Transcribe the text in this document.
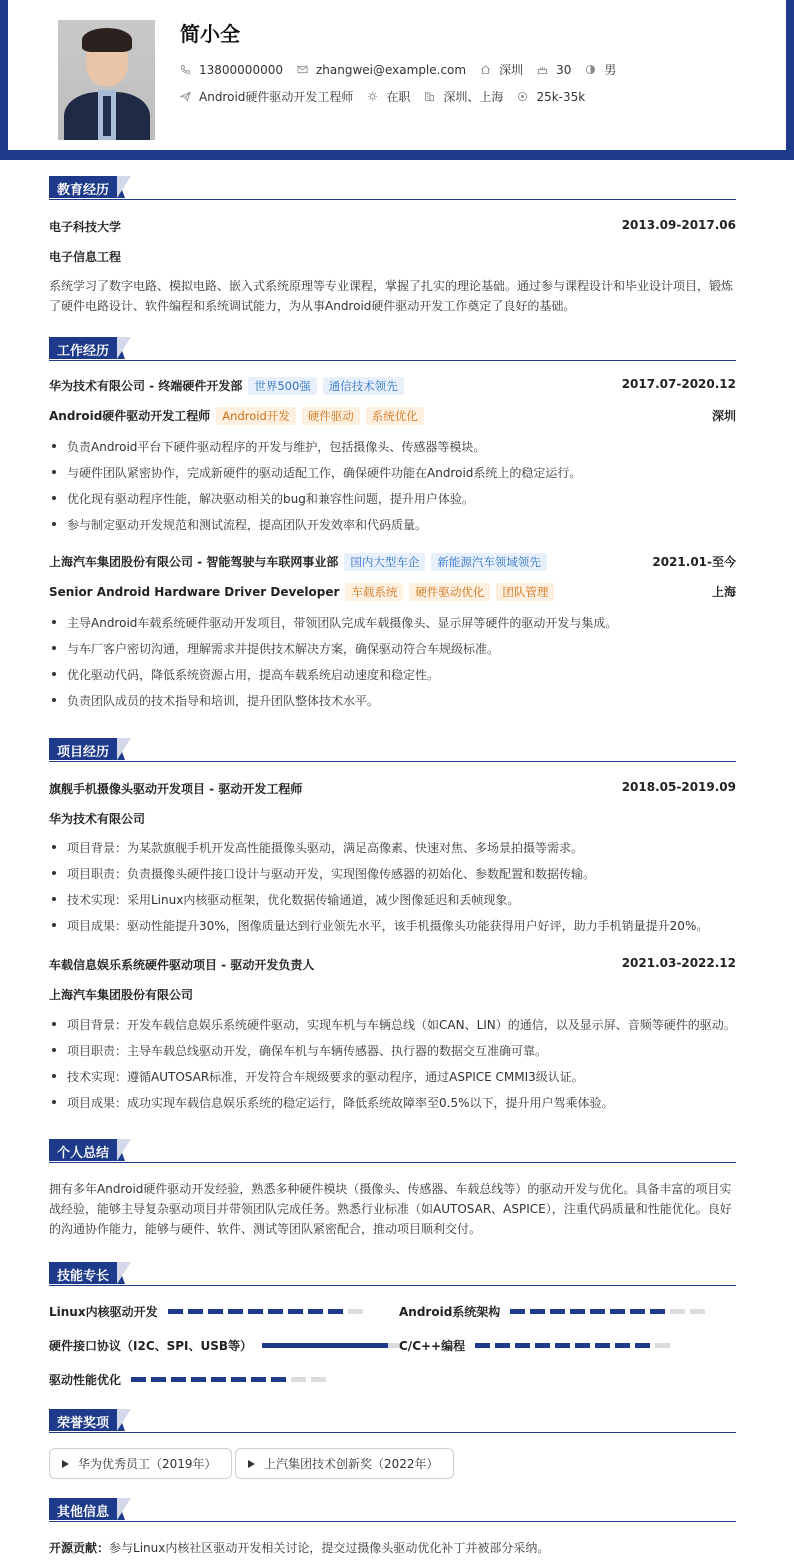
简小全
13800000000	zhangwei@example.com	深圳	30	男
Android硬件驱动开发工程师	在职	深圳、上海	25k-35k
教育经历
电子科技大学	2013.09-2017.06
电子信息工程
系统学习了数字电路、模拟电路、嵌入式系统原理等专业课程，掌握了扎实的理论基础。通过参与课程设计和毕业设计项目，锻炼
了硬件电路设计、软件编程和系统调试能力，为从事Android硬件驱动开发工作奠定了良好的基础。
工作经历
华为技术有限公司 - 终端硬件开发部 世界500强 通信技术领先	2017.07-2020.12
Android硬件驱动开发工程师 Android开发 硬件驱动 系统优化	深圳
负责Android平台下硬件驱动程序的开发与维护，包括摄像头、传感器等模块。
与硬件团队紧密协作，完成新硬件的驱动适配工作，确保硬件功能在Android系统上的稳定运行。
优化现有驱动程序性能，解决驱动相关的bug和兼容性问题，提升用户体验。
参与制定驱动开发规范和测试流程，提高团队开发效率和代码质量。
上海汽车集团股份有限公司 - 智能驾驶与车联网事业部 国内大型车企 新能源汽车领域领先	2021.01-至今
Senior Android Hardware Driver Developer 车载系统 硬件驱动优化 团队管理	上海
主导Android车载系统硬件驱动开发项目，带领团队完成车载摄像头、显示屏等硬件的驱动开发与集成。
与车厂客户密切沟通，理解需求并提供技术解决方案，确保驱动符合车规级标准。
优化驱动代码，降低系统资源占用，提高车载系统启动速度和稳定性。
负责团队成员的技术指导和培训，提升团队整体技术水平。
项目经历
旗舰手机摄像头驱动开发项目 - 驱动开发工程师	2018.05-2019.09
华为技术有限公司
项目背景：为某款旗舰手机开发高性能摄像头驱动，满足高像素、快速对焦、多场景拍摄等需求。
项目职责：负责摄像头硬件接口设计与驱动开发，实现图像传感器的初始化、参数配置和数据传输。
技术实现：采用Linux内核驱动框架，优化数据传输通道，减少图像延迟和丢帧现象。
项目成果：驱动性能提升30%，图像质量达到行业领先水平，该手机摄像头功能获得用户好评，助力手机销量提升20%。
车载信息娱乐系统硬件驱动项目 - 驱动开发负责人	2021.03-2022.12
上海汽车集团股份有限公司
项目背景：开发车载信息娱乐系统硬件驱动，实现车机与车辆总线（如CAN、LIN）的通信，以及显示屏、音频等硬件的驱动。
项目职责：主导车载总线驱动开发，确保车机与车辆传感器、执行器的数据交互准确可靠。
技术实现：遵循AUTOSAR标准，开发符合车规级要求的驱动程序，通过ASPICE CMMI3级认证。
项目成果：成功实现车载信息娱乐系统的稳定运行，降低系统故障率至0.5%以下，提升用户驾乘体验。
个人总结
拥有多年Android硬件驱动开发经验，熟悉多种硬件模块（摄像头、传感器、车载总线等）的驱动开发与优化。具备丰富的项目实
战经验，能够主导复杂驱动项目并带领团队完成任务。熟悉行业标准（如AUTOSAR、ASPICE），注重代码质量和性能优化。良好
的沟通协作能力，能够与硬件、软件、测试等团队紧密配合，推动项目顺利交付。
技能专长
Linux内核驱动开发	Android系统架构
硬件接口协议（I2C、SPI、USB等）	C/C++编程
驱动性能优化
荣誉奖项
华为优秀员工（2019年）	上汽集团技术创新奖（2022年）
其他信息
开源贡献：参与Linux内核社区驱动开发相关讨论，提交过摄像头驱动优化补丁并被部分采纳。
